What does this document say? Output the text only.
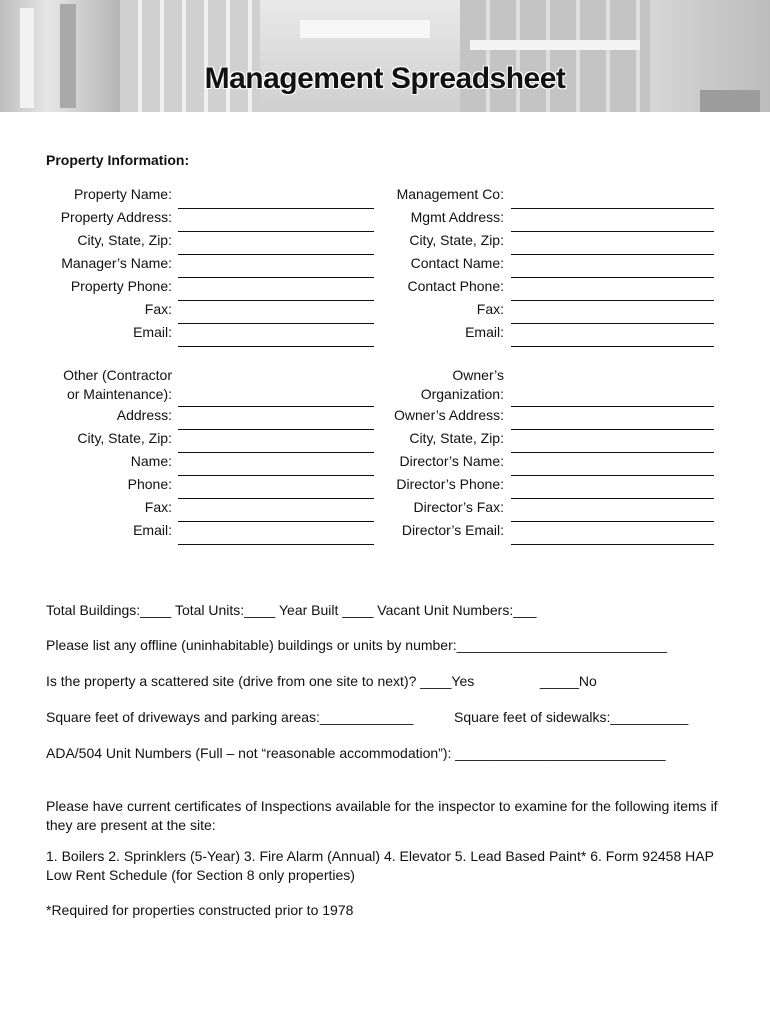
Management Spreadsheet
Property Information:
Property Name:
Property Address:
City, State, Zip:
Manager’s Name:
Property Phone:
Fax:
Email:
Management Co:
Mgmt Address:
City, State, Zip:
Contact Name:
Contact Phone:
Fax:
Email:
Other (Contractor
or Maintenance):
Address:
City, State, Zip:
Name:
Phone:
Fax:
Email:
Owner’s
Organization:
Owner’s Address:
City, State, Zip:
Director’s Name:
Director’s Phone:
Director’s Fax:
Director’s Email:
Total Buildings:____ Total Units:____ Year Built ____ Vacant Unit Numbers:___
Please list any offline (uninhabitable) buildings or units by number:___________________________
Is the property a scattered site (drive from one site to next)? ____Yes	_____No
Square feet of driveways and parking areas:____________	Square feet of sidewalks:__________
ADA/504 Unit Numbers (Full – not “reasonable accommodation”): ___________________________
Please have current certificates of Inspections available for the inspector to examine for the following items if they are present at the site:
1. Boilers 2. Sprinklers (5-Year) 3. Fire Alarm (Annual) 4. Elevator 5. Lead Based Paint* 6. Form 92458 HAP Low Rent Schedule (for Section 8 only properties)
*Required for properties constructed prior to 1978
